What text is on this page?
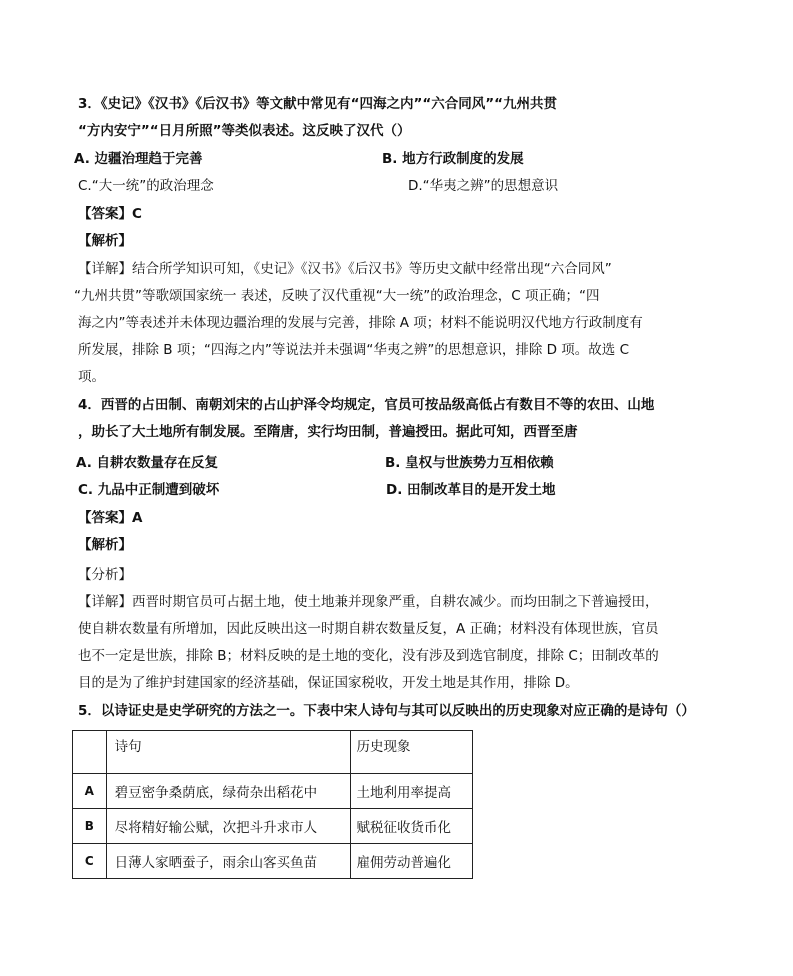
3．《史记》《汉书》《后汉书》等文献中常见有“四海之内”“六合同风”“九州共贯
“方内安宁”“日月所照”等类似表述。这反映了汉代（）
A. 边疆治理趋于完善	B. 地方行政制度的发展
C.“大一统”的政治理念	D.“华夷之辨”的思想意识
【答案】C
【解析】
【详解】结合所学知识可知，《史记》《汉书》《后汉书》等历史文献中经常出现“六合同风”
“九州共贯”等歌颂国家统一 表述，反映了汉代重视“大一统”的政治理念，C 项正确；“四
海之内”等表述并未体现边疆治理的发展与完善，排除 A 项；材料不能说明汉代地方行政制度有
所发展，排除 B 项；“四海之内”等说法并未强调“华夷之辨”的思想意识，排除 D 项。故选 C
项。
4．西晋的占田制、南朝刘宋的占山护泽令均规定，官员可按品级高低占有数目不等的农田、山地
，助长了大土地所有制发展。至隋唐，实行均田制，普遍授田。据此可知，西晋至唐
A. 自耕农数量存在反复	B. 皇权与世族势力互相依赖
C. 九品中正制遭到破坏	D. 田制改革目的是开发土地
【答案】A
【解析】
【分析】
【详解】西晋时期官员可占据土地，使土地兼并现象严重，自耕农减少。而均田制之下普遍授田，
使自耕农数量有所增加，因此反映出这一时期自耕农数量反复，A 正确；材料没有体现世族，官员
也不一定是世族，排除 B；材料反映的是土地的变化，没有涉及到选官制度，排除 C；田制改革的
目的是为了维护封建国家的经济基础，保证国家税收，开发土地是其作用，排除 D。
5．以诗证史是史学研究的方法之一。下表中宋人诗句与其可以反映出的历史现象对应正确的是诗句（）
	诗句	历史现象
A	碧豆密争桑荫底，绿荷杂出稻花中	土地利用率提高
B	尽将精好输公赋，次把斗升求市人	赋税征收货币化
C	日薄人家晒蚕子，雨余山客买鱼苗	雇佣劳动普遍化
